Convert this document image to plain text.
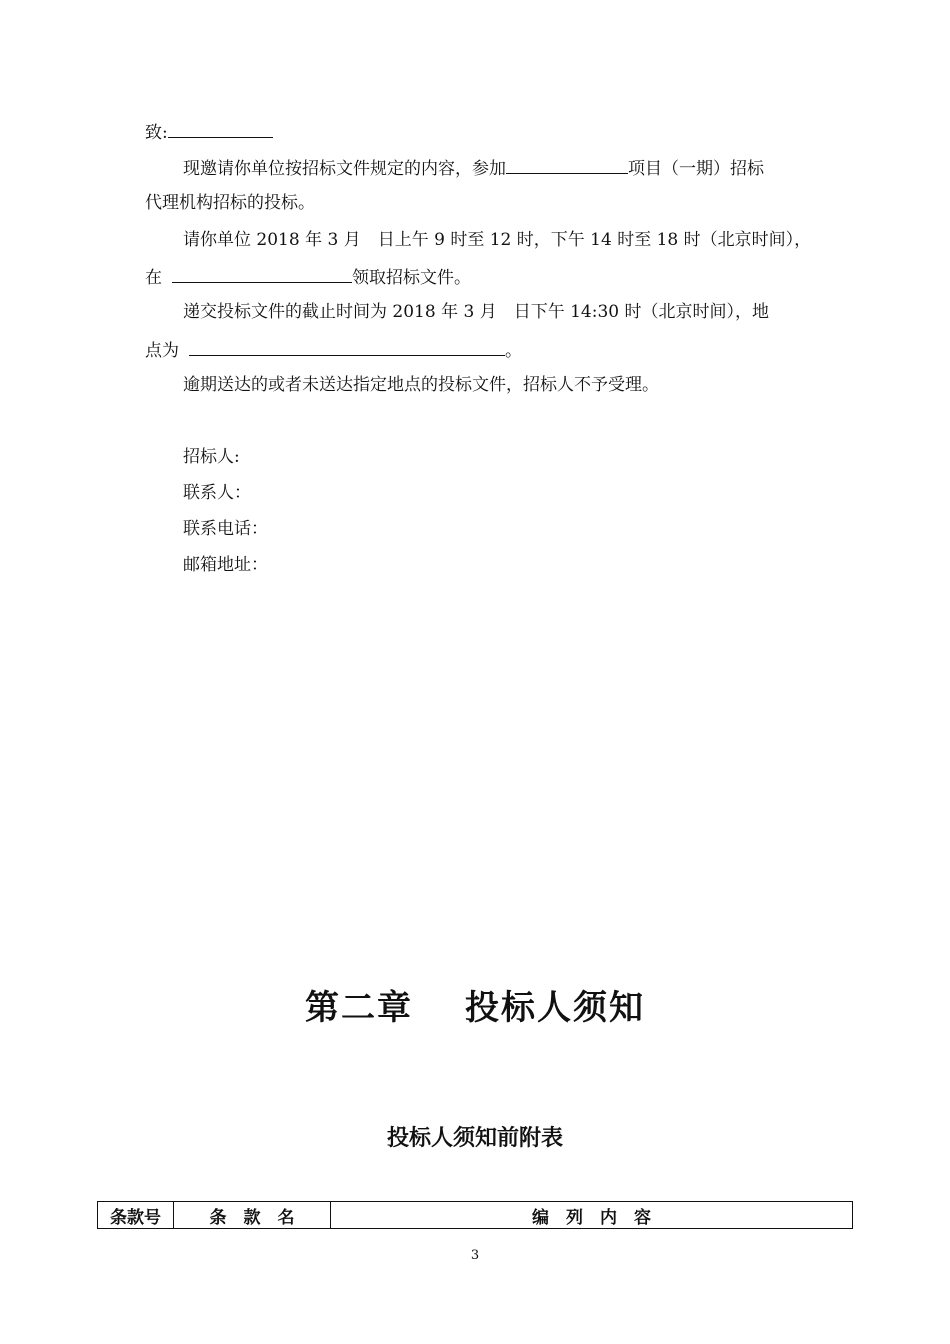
致:
现邀请你单位按招标文件规定的内容，参加	项目（一期）招标
代理机构招标的投标。
请你单位 2018 年 3 月　日上午 9 时至 12 时，下午 14 时至 18 时（北京时间），
在	领取招标文件。
递交投标文件的截止时间为 2018 年 3 月　日下午 14:30 时（北京时间），地
点为	。
逾期送达的或者未送达指定地点的投标文件，招标人不予受理。
招标人:
联系人：
联系电话：
邮箱地址：
第二章 投标人须知
投标人须知前附表
条款号	条　款　名	编　列　内　容
3
